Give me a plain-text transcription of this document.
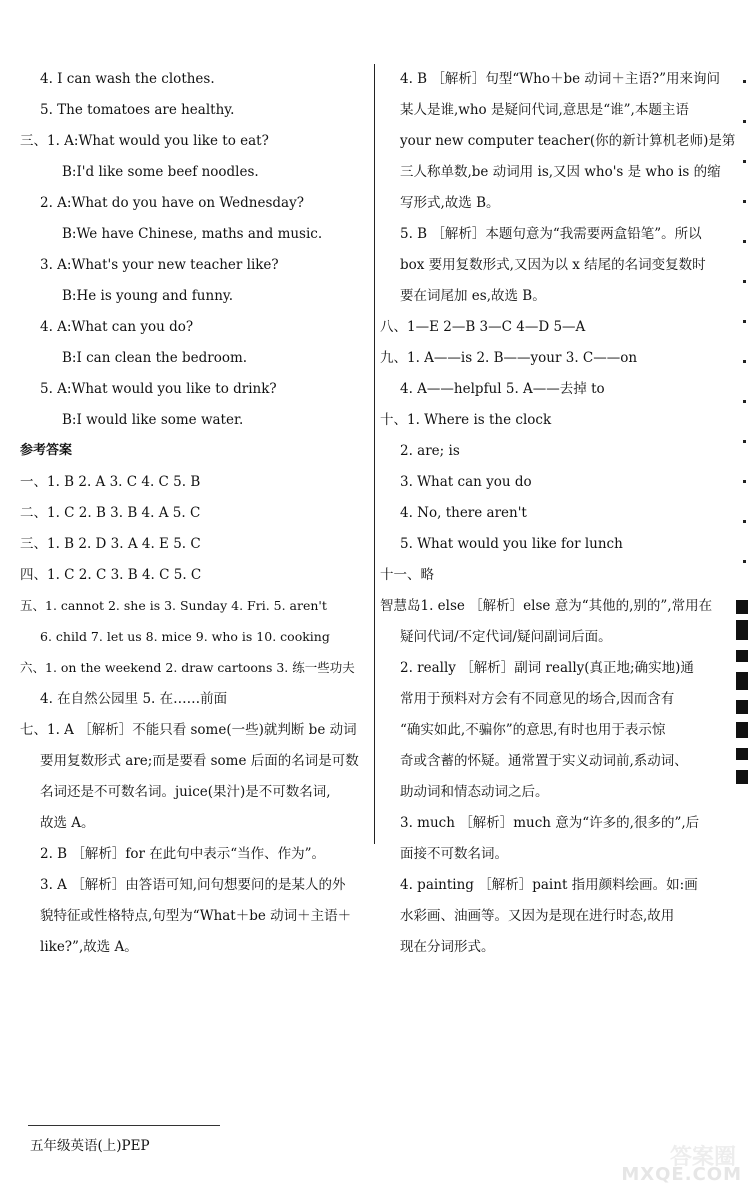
4. I can wash the clothes.
5. The tomatoes are healthy.
三、1. A:What would you like to eat?
B:I'd like some beef noodles.
2. A:What do you have on Wednesday?
B:We have Chinese, maths and music.
3. A:What's your new teacher like?
B:He is young and funny.
4. A:What can you do?
B:I can clean the bedroom.
5. A:What would you like to drink?
B:I would like some water.
参考答案
一、1. B 2. A 3. C 4. C 5. B
二、1. C 2. B 3. B 4. A 5. C
三、1. B 2. D 3. A 4. E 5. C
四、1. C 2. C 3. B 4. C 5. C
五、1. cannot 2. she is 3. Sunday 4. Fri. 5. aren't
6. child 7. let us 8. mice 9. who is 10. cooking
六、1. on the weekend 2. draw cartoons 3. 练一些功夫
4. 在自然公园里 5. 在……前面
七、1. A ［解析］不能只看 some(一些)就判断 be 动词
要用复数形式 are;而是要看 some 后面的名词是可数
名词还是不可数名词。juice(果汁)是不可数名词,
故选 A。
2. B ［解析］for 在此句中表示“当作、作为”。
3. A ［解析］由答语可知,问句想要问的是某人的外
貌特征或性格特点,句型为“What＋be 动词＋主语＋
like?”,故选 A。
4. B ［解析］句型“Who＋be 动词＋主语?”用来询问
某人是谁,who 是疑问代词,意思是“谁”,本题主语
your new computer teacher(你的新计算机老师)是第
三人称单数,be 动词用 is,又因 who's 是 who is 的缩
写形式,故选 B。
5. B ［解析］本题句意为“我需要两盒铅笔”。所以
box 要用复数形式,又因为以 x 结尾的名词变复数时
要在词尾加 es,故选 B。
八、1—E 2—B 3—C 4—D 5—A
九、1. A——is 2. B——your 3. C——on
4. A——helpful 5. A——去掉 to
十、1. Where is the clock
2. are; is
3. What can you do
4. No, there aren't
5. What would you like for lunch
十一、略
智慧岛1. else ［解析］else 意为“其他的,别的”,常用在
疑问代词/不定代词/疑问副词后面。
2. really ［解析］副词 really(真正地;确实地)通
常用于预料对方会有不同意见的场合,因而含有
“确实如此,不骗你”的意思,有时也用于表示惊
奇或含蓄的怀疑。通常置于实义动词前,系动词、
助动词和情态动词之后。
3. much ［解析］much 意为“许多的,很多的”,后
面接不可数名词。
4. painting ［解析］paint 指用颜料绘画。如:画
水彩画、油画等。又因为是现在进行时态,故用
现在分词形式。
五年级英语(上)PEP	答案圈
MXQE.COM
